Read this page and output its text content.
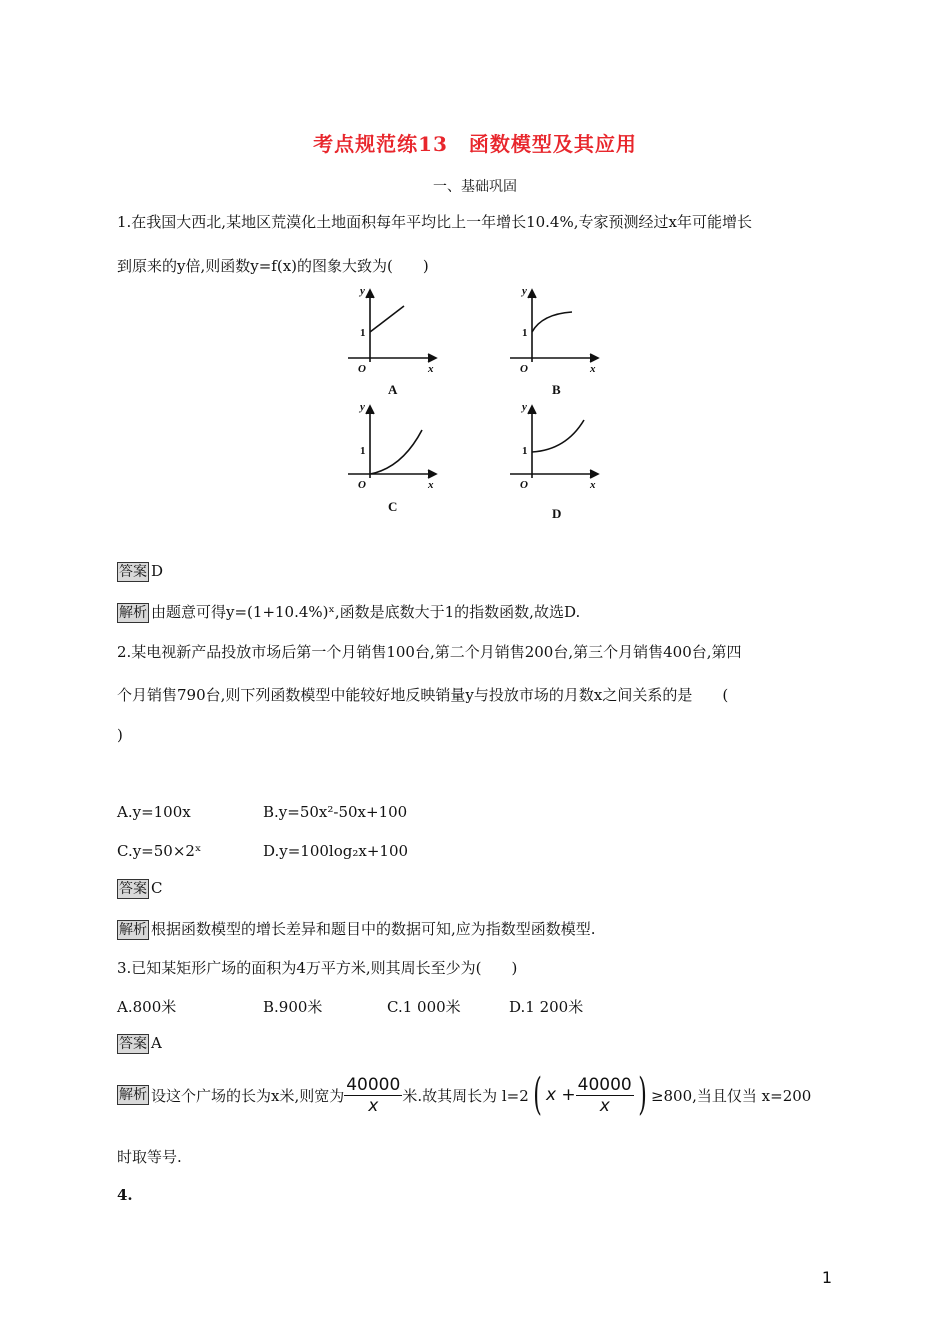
考点规范练13　函数模型及其应用
一、基础巩固
1.在我国大西北,某地区荒漠化土地面积每年平均比上一年增长10.4%,专家预测经过x年可能增长
到原来的y倍,则函数y=f(x)的图象大致为(　　)
y
1
O	x
A
y
1
O	x
B
y
1
O	x
C
y
1
O	x
D
答案 D
解析 由题意可得y=(1+10.4%)ˣ,函数是底数大于1的指数函数,故选D.
2.某电视新产品投放市场后第一个月销售100台,第二个月销售200台,第三个月销售400台,第四
个月销售790台,则下列函数模型中能较好地反映销量y与投放市场的月数x之间关系的是　　(
)
A.y=100x	B.y=50x²-50x+100
C.y=50×2ˣ	D.y=100log₂x+100
答案 C
解析 根据函数模型的增长差异和题目中的数据可知,应为指数型函数模型.
3.已知某矩形广场的面积为4万平方米,则其周长至少为(　　)
A.800米	B.900米	C.1 000米	D.1 200米
答案 A
解析 设这个广场的长为x米,则宽为 $\frac{40000}{x}$ 米.故其周长为 l=2 ( $x + \frac{40000}{x}$ ) ≥800,当且仅当 x=200
时取等号.
4.
1
